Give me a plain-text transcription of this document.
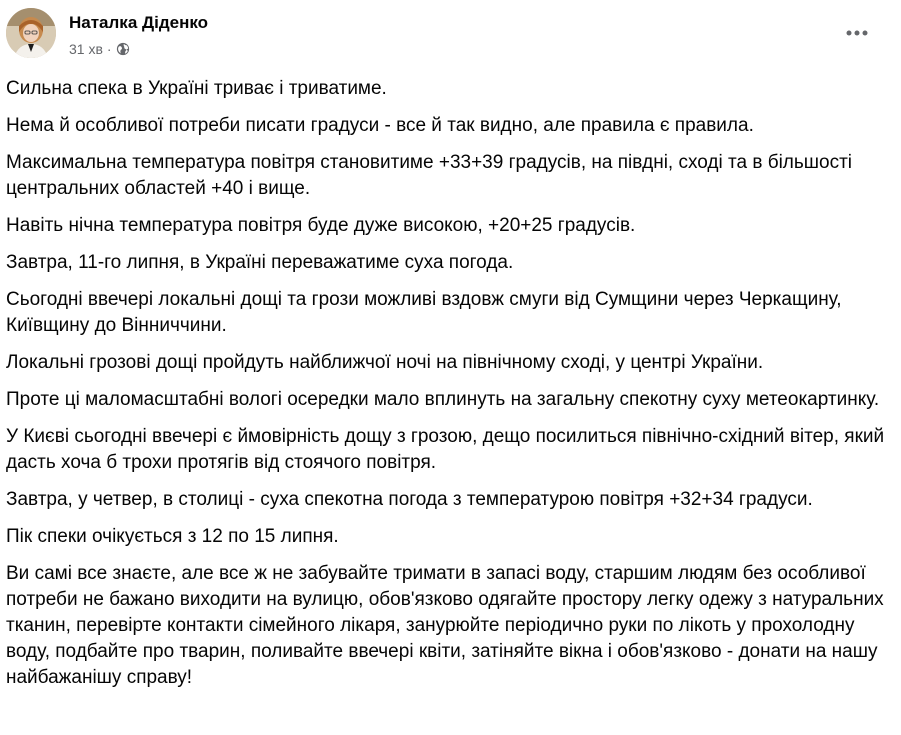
Наталка Діденко
31 хв ·

Сильна спека в Україні триває і триватиме.

Нема й особливої потреби писати градуси - все й так видно, але правила є правила.

Максимальна температура повітря становитиме +33+39 градусів, на півдні, сході та в більшості центральних областей +40 і вище.

Навіть нічна температура повітря буде дуже високою, +20+25 градусів.

Завтра, 11-го липня, в Україні переважатиме суха погода.

Сьогодні ввечері локальні дощі та грози можливі вздовж смуги від Сумщини через Черкащину, Київщину до Вінниччини.

Локальні грозові дощі пройдуть найближчої ночі на північному сході, у центрі України.

Проте ці маломасштабні вологі осередки мало вплинуть на загальну спекотну суху метеокартинку.

У Києві сьогодні ввечері є ймовірність дощу з грозою, дещо посилиться північно-східний вітер, який дасть хоча б трохи протягів від стоячого повітря.

Завтра, у четвер, в столиці - суха спекотна погода з температурою повітря +32+34 градуси.

Пік спеки очікується з 12 по 15 липня.

Ви самі все знаєте, але все ж не забувайте тримати в запасі воду, старшим людям без особливої потреби не бажано виходити на вулицю, обов'язково одягайте простору легку одежу з натуральних тканин, перевірте контакти сімейного лікаря, занурюйте періодично руки по лікоть у прохолодну воду, подбайте про тварин, поливайте ввечері квіти, затіняйте вікна і обов'язково - донати на нашу найбажанішу справу!
